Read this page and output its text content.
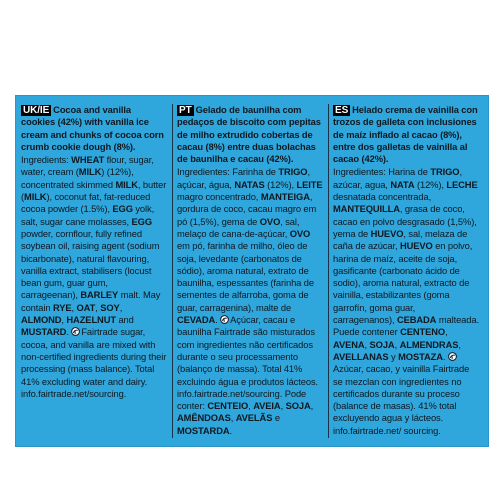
UK/IE Cocoa and vanilla cookies (42%) with vanilla ice cream and chunks of cocoa corn crumb cookie dough (8%).
Ingredients: WHEAT flour, sugar, water, cream (MILK) (12%), concentrated skimmed MILK, butter (MILK), coconut fat, fat-reduced cocoa powder (1.5%), EGG yolk, salt, sugar cane molasses, EGG powder, cornflour, fully refined soybean oil, raising agent (sodium bicarbonate), natural flavouring, vanilla extract, stabilisers (locust bean gum, guar gum, carrageenan), BARLEY malt. May contain RYE, OAT, SOY, ALMOND, HAZELNUT and MUSTARD.
Fairtrade sugar, cocoa, and vanilla are mixed with non-certified ingredients during their processing (mass balance). Total 41% excluding water and dairy. info.fairtrade.net/sourcing.
PT Gelado de baunilha com pedaços de biscoito com pepitas de milho extrudido cobertas de cacau (8%) entre duas bolachas de baunilha e cacau (42%).
Ingredientes: Farinha de TRIGO, açúcar, água, NATAS (12%), LEITE magro concentrado, MANTEIGA, gordura de coco, cacau magro em pó (1,5%), gema de OVO, sal, melaço de cana-de-açúcar, OVO em pó, farinha de milho, óleo de soja, levedante (carbonatos de sódio), aroma natural, extrato de baunilha, espessantes (farinha de sementes de alfarroba, goma de guar, carragenina), malte de CEVADA.
Açúcar, cacau e baunilha Fairtrade são misturados com ingredientes não certificados durante o seu processamento (balanço de massa). Total 41% excluindo água e produtos lácteos. info.fairtrade.net/sourcing. Pode conter: CENTEIO, AVEIA, SOJA, AMÊNDOAS, AVELÃS e MOSTARDA.
ES Helado crema de vainilla con trozos de galleta con inclusiones de maíz inflado al cacao (8%), entre dos galletas de vainilla al cacao (42%).
Ingredientes: Harina de TRIGO, azúcar, agua, NATA (12%), LECHE desnatada concentrada, MANTEQUILLA, grasa de coco, cacao en polvo desgrasado (1,5%), yema de HUEVO, sal, melaza de caña de azúcar, HUEVO en polvo, harina de maíz, aceite de soja, gasificante (carbonato ácido de sodio), aroma natural, extracto de vainilla, estabilizantes (goma garrofín, goma guar, carragenanos), CEBADA malteada. Puede contener CENTENO, AVENA, SOJA, ALMENDRAS, AVELLANAS y MOSTAZA.
Azúcar, cacao, y vainilla Fairtrade se mezclan con ingredientes no certificados durante su proceso (balance de masas). 41% total excluyendo agua y lácteos. info.fairtrade.net/ sourcing.
